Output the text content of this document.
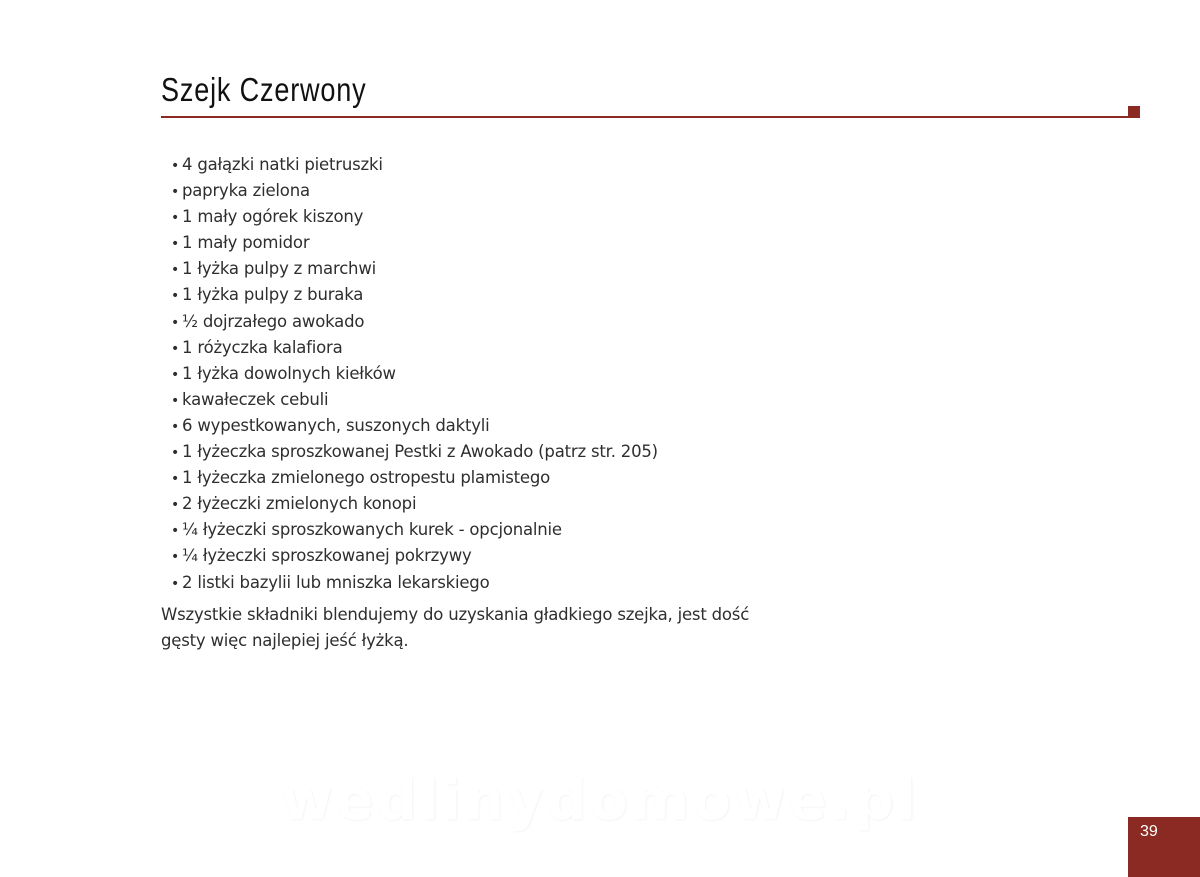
Szejk Czerwony
• 4 gałązki natki pietruszki
• papryka zielona
• 1 mały ogórek kiszony
• 1 mały pomidor
• 1 łyżka pulpy z marchwi
• 1 łyżka pulpy z buraka
• ½ dojrzałego awokado
• 1 różyczka kalafiora
• 1 łyżka dowolnych kiełków
• kawałeczek cebuli
• 6 wypestkowanych, suszonych daktyli
• 1 łyżeczka sproszkowanej Pestki z Awokado (patrz str. 205)
• 1 łyżeczka zmielonego ostropestu plamistego
• 2 łyżeczki zmielonych konopi
• ¼ łyżeczki sproszkowanych kurek - opcjonalnie
• ¼ łyżeczki sproszkowanej pokrzywy
• 2 listki bazylii lub mniszka lekarskiego

Wszystkie składniki blendujemy do uzyskania gładkiego szejka, jest dość
gęsty więc najlepiej jeść łyżką.

wedlinydomowe.pl	39
